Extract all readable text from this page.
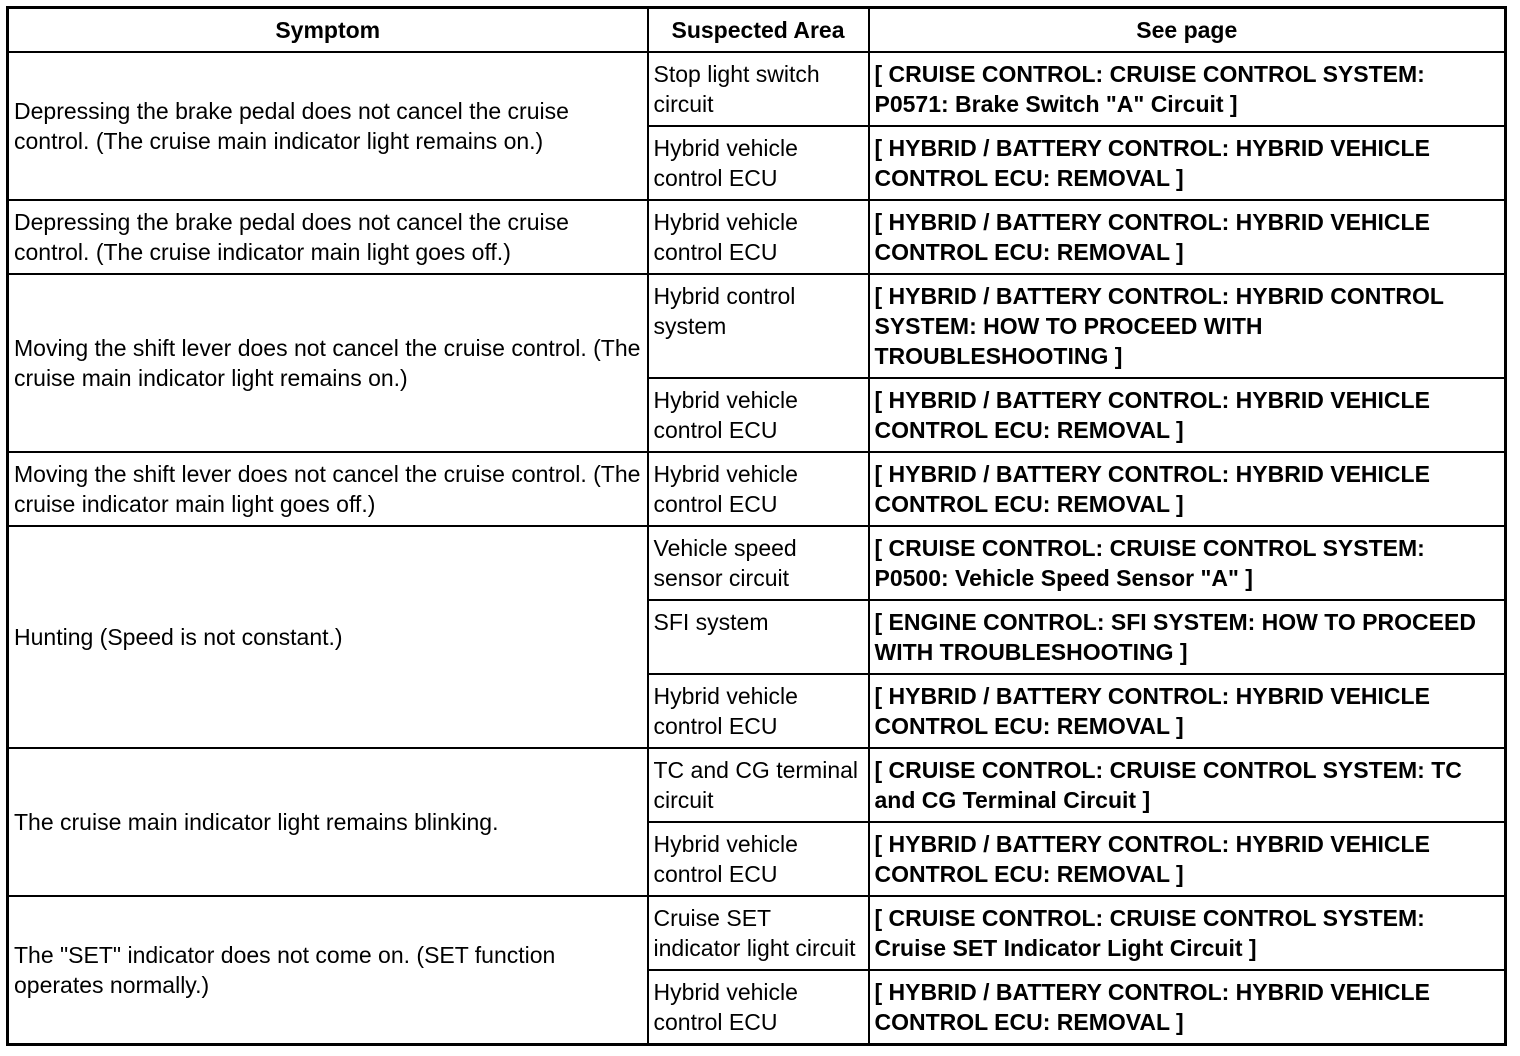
Symptom	Suspected Area	See page
Depressing the brake pedal does not cancel the cruise control. (The cruise main indicator light remains on.)	Stop light switch circuit	[ CRUISE CONTROL: CRUISE CONTROL SYSTEM: P0571: Brake Switch "A" Circuit ]
	Hybrid vehicle control ECU	[ HYBRID / BATTERY CONTROL: HYBRID VEHICLE CONTROL ECU: REMOVAL ]
Depressing the brake pedal does not cancel the cruise control. (The cruise indicator main light goes off.)	Hybrid vehicle control ECU	[ HYBRID / BATTERY CONTROL: HYBRID VEHICLE CONTROL ECU: REMOVAL ]
Moving the shift lever does not cancel the cruise control. (The cruise main indicator light remains on.)	Hybrid control system	[ HYBRID / BATTERY CONTROL: HYBRID CONTROL SYSTEM: HOW TO PROCEED WITH TROUBLESHOOTING ]
	Hybrid vehicle control ECU	[ HYBRID / BATTERY CONTROL: HYBRID VEHICLE CONTROL ECU: REMOVAL ]
Moving the shift lever does not cancel the cruise control. (The cruise indicator main light goes off.)	Hybrid vehicle control ECU	[ HYBRID / BATTERY CONTROL: HYBRID VEHICLE CONTROL ECU: REMOVAL ]
Hunting (Speed is not constant.)	Vehicle speed sensor circuit	[ CRUISE CONTROL: CRUISE CONTROL SYSTEM: P0500: Vehicle Speed Sensor "A" ]
	SFI system	[ ENGINE CONTROL: SFI SYSTEM: HOW TO PROCEED WITH TROUBLESHOOTING ]
	Hybrid vehicle control ECU	[ HYBRID / BATTERY CONTROL: HYBRID VEHICLE CONTROL ECU: REMOVAL ]
The cruise main indicator light remains blinking.	TC and CG terminal circuit	[ CRUISE CONTROL: CRUISE CONTROL SYSTEM: TC and CG Terminal Circuit ]
	Hybrid vehicle control ECU	[ HYBRID / BATTERY CONTROL: HYBRID VEHICLE CONTROL ECU: REMOVAL ]
The "SET" indicator does not come on. (SET function operates normally.)	Cruise SET indicator light circuit	[ CRUISE CONTROL: CRUISE CONTROL SYSTEM: Cruise SET Indicator Light Circuit ]
	Hybrid vehicle control ECU	[ HYBRID / BATTERY CONTROL: HYBRID VEHICLE CONTROL ECU: REMOVAL ]
